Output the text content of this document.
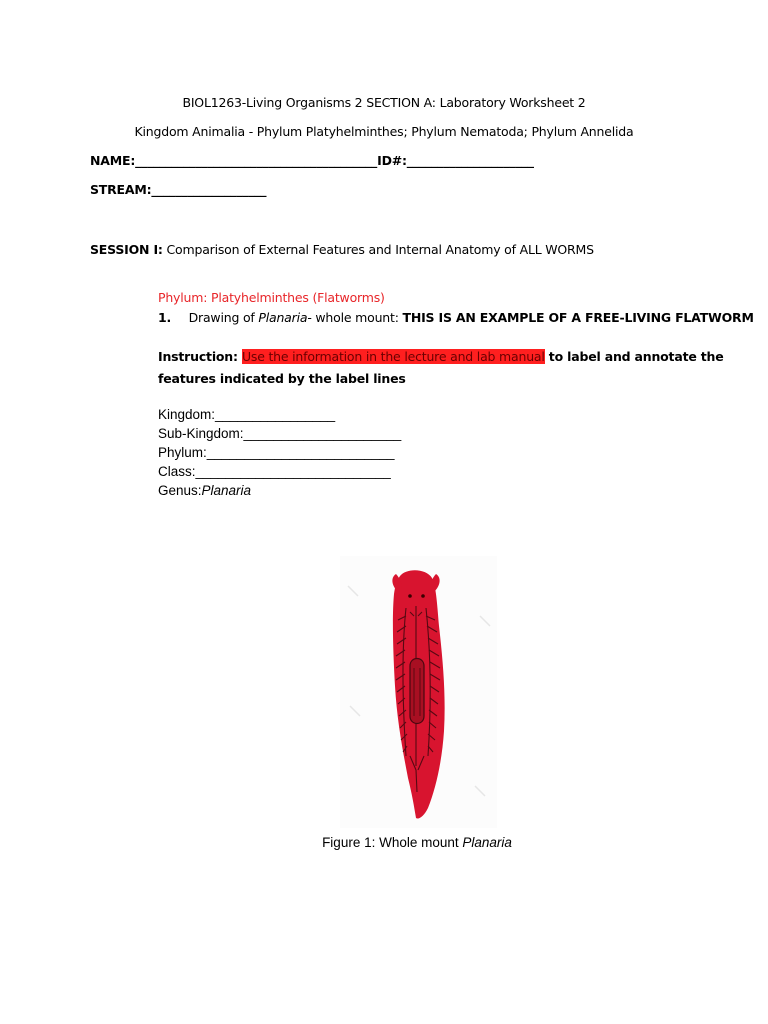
BIOL1263-Living Organisms 2 SECTION A: Laboratory Worksheet 2
Kingdom Animalia - Phylum Platyhelminthes; Phylum Nematoda; Phylum Annelida
NAME:________________________________________ID#:_____________________
STREAM:___________________
SESSION I: Comparison of External Features and Internal Anatomy of ALL WORMS
Phylum: Platyhelminthes (Flatworms)
1. Drawing of Planaria- whole mount: THIS IS AN EXAMPLE OF A FREE-LIVING FLATWORM
Instruction: Use the information in the lecture and lab manual to label and annotate the
features indicated by the label lines
Kingdom:________________
Sub-Kingdom:_____________________
Phylum:_________________________
Class:__________________________
Genus:Planaria
Figure 1: Whole mount Planaria
